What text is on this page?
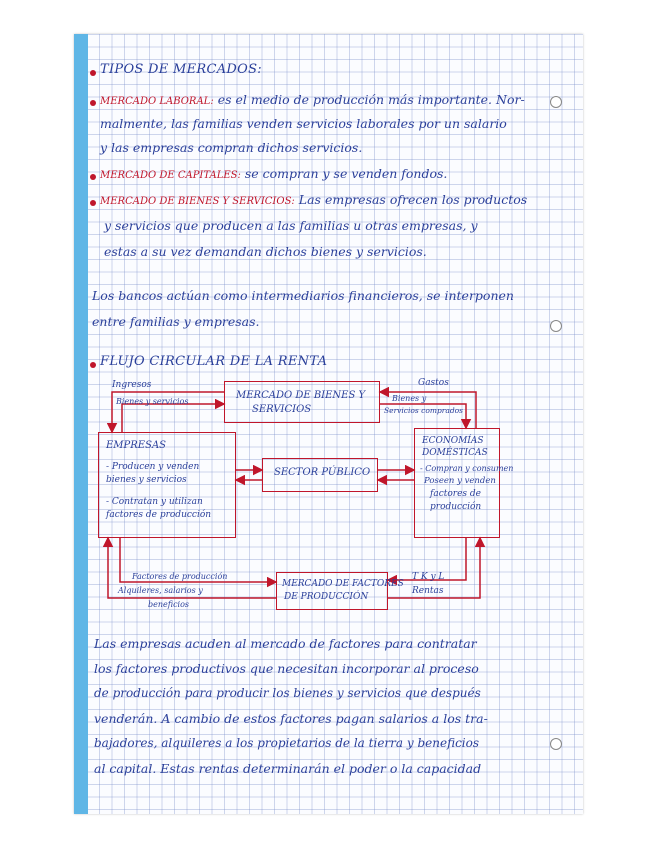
TIPOS DE MERCADOS:
MERCADO LABORAL: es el medio de producción más importante. Nor-
malmente, las familias venden servicios laborales por un salario
y las empresas compran dichos servicios.
MERCADO DE CAPITALES: se compran y se venden fondos.
MERCADO DE BIENES Y SERVICIOS: Las empresas ofrecen los productos
y servicios que producen a las familias u otras empresas, y
estas a su vez demandan dichos bienes y servicios.
Los bancos actúan como intermediarios financieros, se interponen
entre familias y empresas.
FLUJO CIRCULAR DE LA RENTA
MERCADO DE BIENES Y
SERVICIOS
EMPRESAS
- Producen y venden
bienes y servicios
- Contratan y utilizan
factores de producción
SECTOR PÚBLICO
ECONOMÍAS
DOMÉSTICAS
- Compran y consumen
Poseen y venden
factores de
producción
MERCADO DE FACTORES
DE PRODUCCIÓN
Ingresos
Bienes y servicios
Gastos
Bienes y
Servicios comprados
Factores de producción
Alquileres, salarios y
beneficios
T K y L
Rentas
Las empresas acuden al mercado de factores para contratar
los factores productivos que necesitan incorporar al proceso
de producción para producir los bienes y servicios que después
venderán. A cambio de estos factores pagan salarios a los tra-
bajadores, alquileres a los propietarios de la tierra y beneficios
al capital. Estas rentas determinarán el poder o la capacidad
